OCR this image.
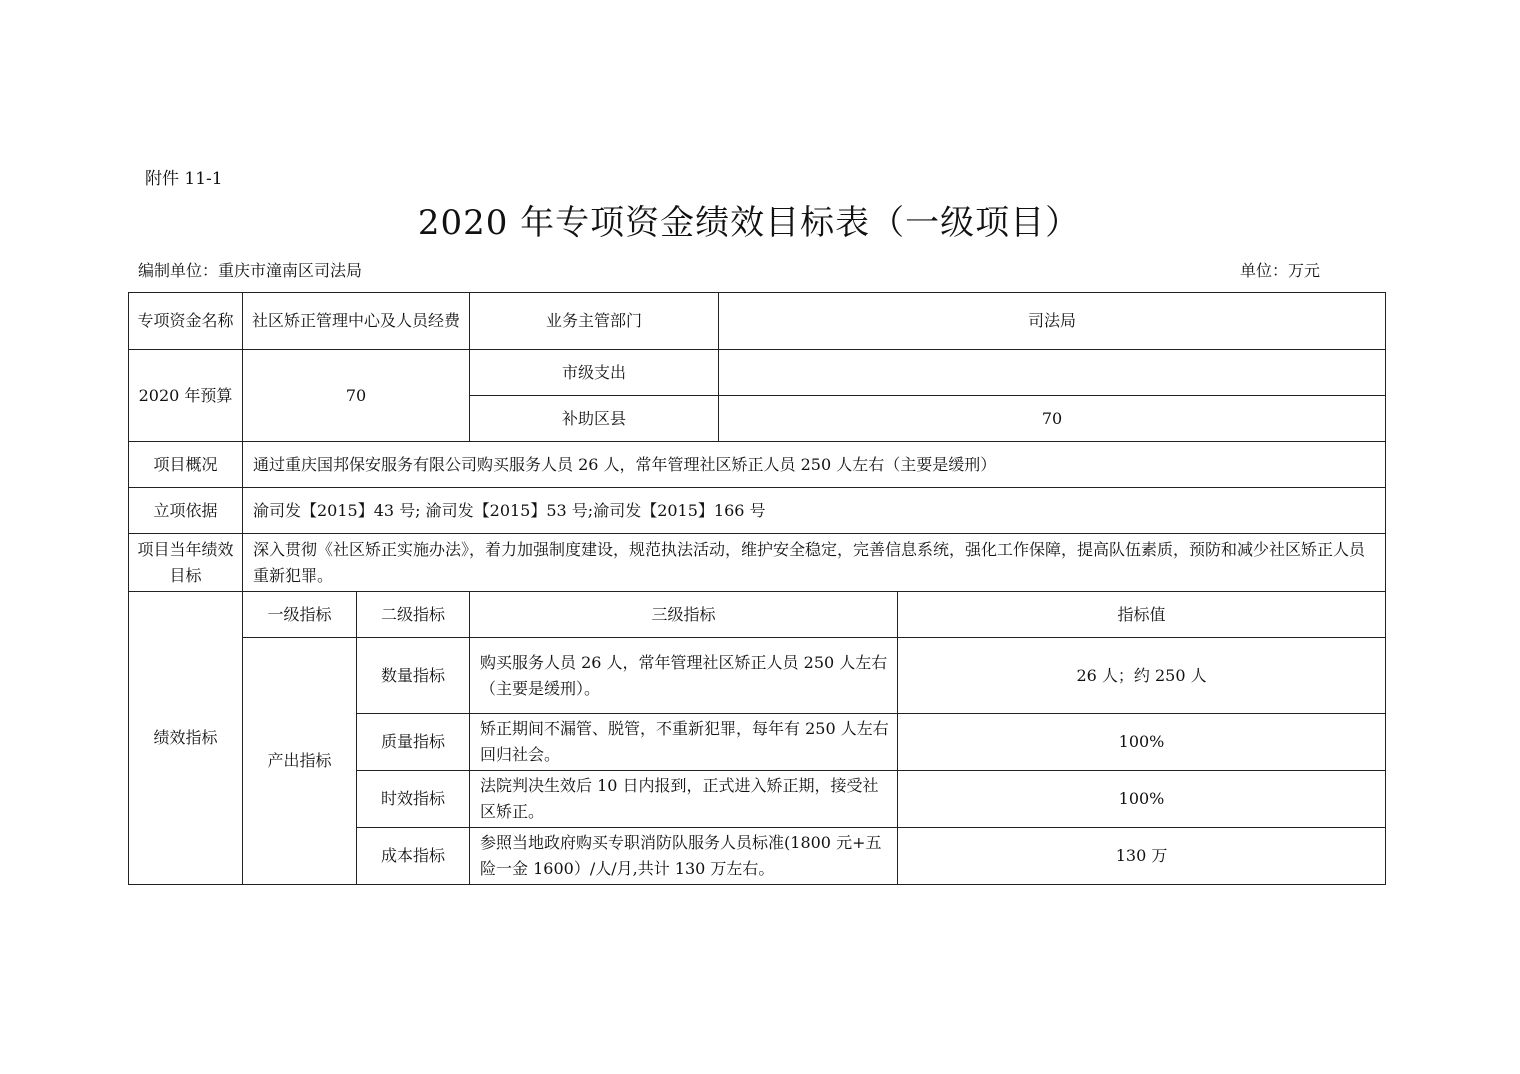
附件 11-1
2020 年专项资金绩效目标表（一级项目）
编制单位：重庆市潼南区司法局	单位：万元
专项资金名称	社区矫正管理中心及人员经费		业务主管部门	司法局	
2020 年预算	70		市级支出		
			补助区县	70	
项目概况	通过重庆国邦保安服务有限公司购买服务人员 26 人，常年管理社区矫正人员 250 人左右（主要是缓刑）				
立项依据	渝司发【2015】43 号; 渝司发【2015】53 号;渝司发【2015】166 号				
项目当年绩效目标	深入贯彻《社区矫正实施办法》，着力加强制度建设，规范执法活动，维护安全稳定，完善信息系统，强化工作保障，提高队伍素质，预防和减少社区矫正人员重新犯罪。				
绩效指标	一级指标	二级指标	三级指标		指标值
	产出指标	数量指标	购买服务人员 26 人，常年管理社区矫正人员 250 人左右（主要是缓刑）。		26 人；约 250 人
		质量指标	矫正期间不漏管、脱管，不重新犯罪，每年有 250 人左右回归社会。		100%
		时效指标	法院判决生效后 10 日内报到，正式进入矫正期，接受社区矫正。		100%
		成本指标	参照当地政府购买专职消防队服务人员标准(1800 元+五险一金 1600）/人/月,共计 130 万左右。		130 万
